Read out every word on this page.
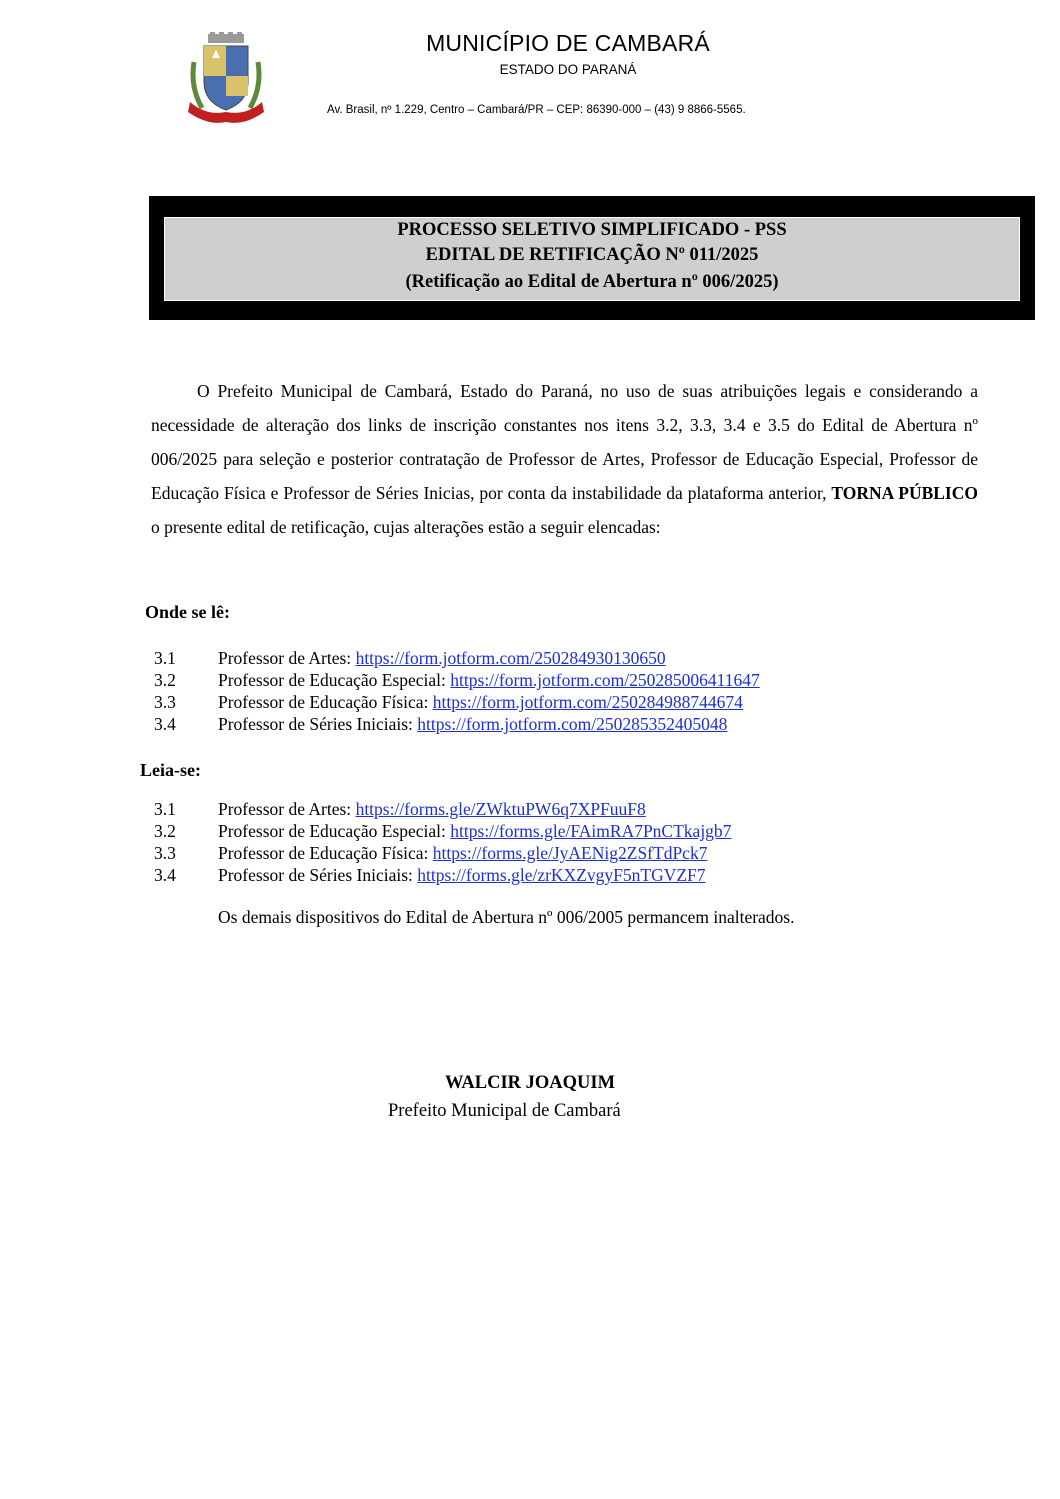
MUNICÍPIO DE CAMBARÁ
ESTADO DO PARANÁ
Av. Brasil, nº 1.229, Centro – Cambará/PR – CEP: 86390-000 – (43) 9 8866-5565.
PROCESSO SELETIVO SIMPLIFICADO - PSS
EDITAL DE RETIFICAÇÃO Nº 011/2025
(Retificação ao Edital de Abertura nº 006/2025)
O Prefeito Municipal de Cambará, Estado do Paraná, no uso de suas atribuições legais e considerando a necessidade de alteração dos links de inscrição constantes nos itens 3.2, 3.3, 3.4 e 3.5 do Edital de Abertura nº 006/2025 para seleção e posterior contratação de Professor de Artes, Professor de Educação Especial, Professor de Educação Física e Professor de Séries Inicias, por conta da instabilidade da plataforma anterior, TORNA PÚBLICO o presente edital de retificação, cujas alterações estão a seguir elencadas:
Onde se lê:
3.1 Professor de Artes: https://form.jotform.com/250284930130650
3.2 Professor de Educação Especial: https://form.jotform.com/250285006411647
3.3 Professor de Educação Física: https://form.jotform.com/250284988744674
3.4 Professor de Séries Iniciais: https://form.jotform.com/250285352405048
Leia-se:
3.1 Professor de Artes: https://forms.gle/ZWktuPW6q7XPFuuF8
3.2 Professor de Educação Especial: https://forms.gle/FAimRA7PnCTkajgb7
3.3 Professor de Educação Física: https://forms.gle/JyAENig2ZSfTdPck7
3.4 Professor de Séries Iniciais: https://forms.gle/zrKXZvgyF5nTGVZF7
Os demais dispositivos do Edital de Abertura nº 006/2005 permancem inalterados.
WALCIR JOAQUIM
Prefeito Municipal de Cambará
